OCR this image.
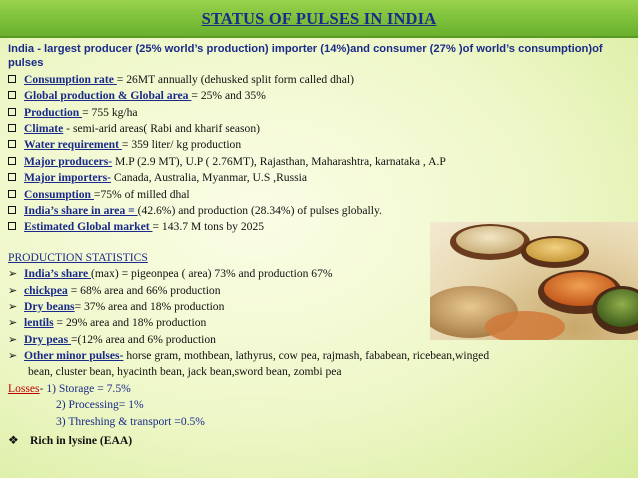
STATUS OF PULSES IN INDIA
India - largest producer (25% world’s production) importer (14%)and consumer (27% )of world’s consumption)of pulses
Consumption rate = 26MT annually (dehusked split form called dhal)
Global production & Global area = 25% and 35%
Production = 755 kg/ha
Climate - semi-arid areas( Rabi and kharif season)
Water requirement = 359 liter/ kg production
Major producers- M.P (2.9 MT), U.P ( 2.76MT), Rajasthan, Maharashtra, karnataka , A.P
Major importers- Canada, Australia, Myanmar, U.S ,Russia
Consumption =75% of milled dhal
India’s share in area = (42.6%) and production (28.34%) of pulses globally.
Estimated Global market = 143.7 M tons by 2025
PRODUCTION STATISTICS
➢ India’s share (max) = pigeonpea ( area) 73% and production 67%
➢ chickpea = 68% area and 66% production
➢ Dry beans= 37% area and 18% production
➢ lentils = 29% area and 18% production
➢ Dry peas =(12% area and 6% production
➢ Other minor pulses- horse gram, mothbean, lathyrus, cow pea, rajmash, fababean, ricebean,winged
bean, cluster bean, hyacinth bean, jack bean,sword bean, zombi pea
Losses- 1) Storage = 7.5%
2) Processing= 1%
3) Threshing & transport =0.5%
❖ Rich in lysine (EAA)
